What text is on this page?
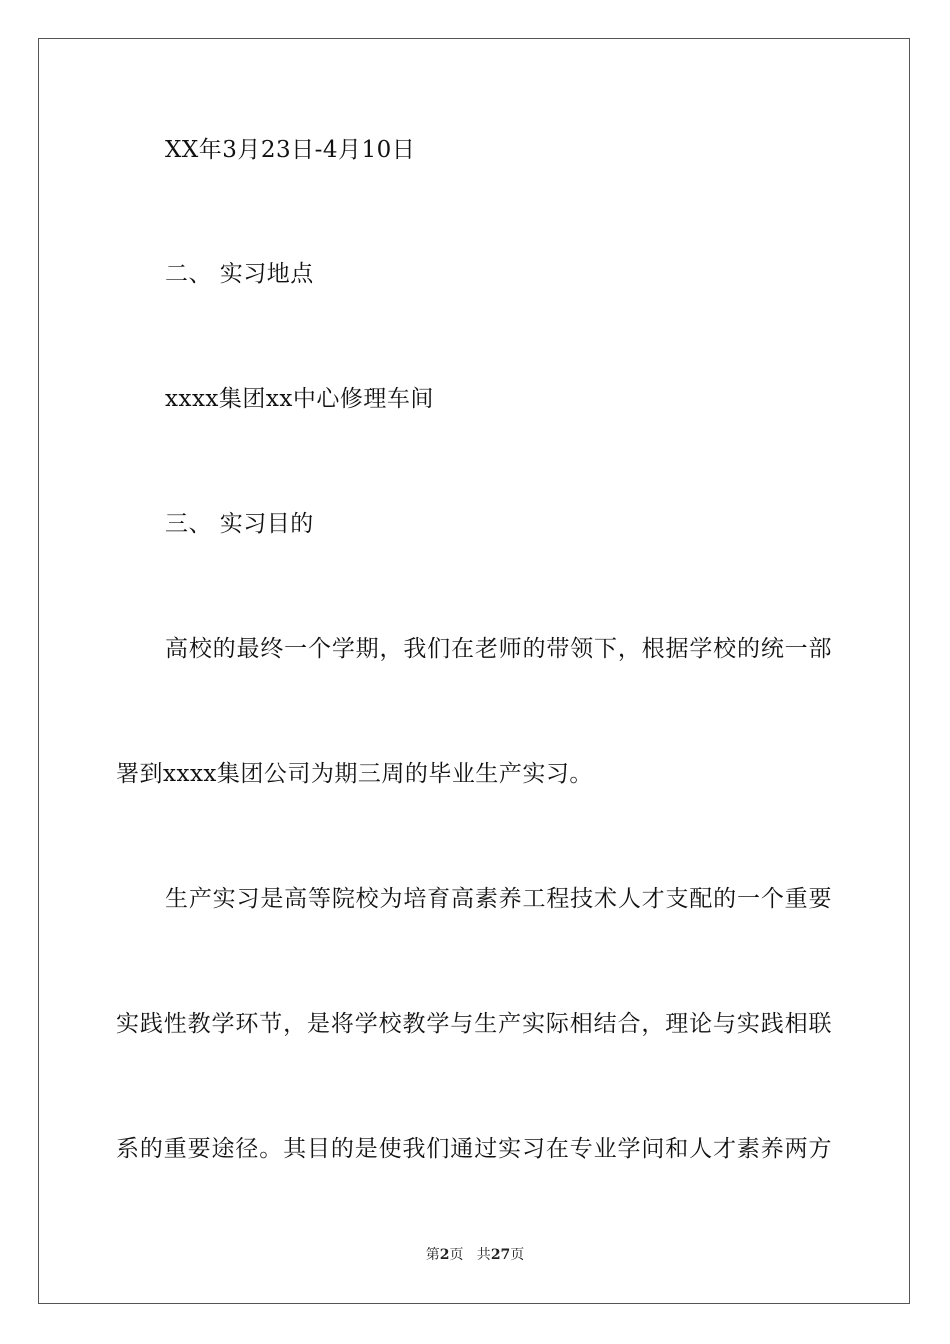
XX年3月23日-4月10日
二、 实习地点
xxxx集团xx中心修理车间
三、 实习目的
高校的最终一个学期，我们在老师的带领下，根据学校的统一部
署到xxxx集团公司为期三周的毕业生产实习。
生产实习是高等院校为培育高素养工程技术人才支配的一个重要
实践性教学环节，是将学校教学与生产实际相结合，理论与实践相联
系的重要途径。其目的是使我们通过实习在专业学问和人才素养两方
第2页   共27页
